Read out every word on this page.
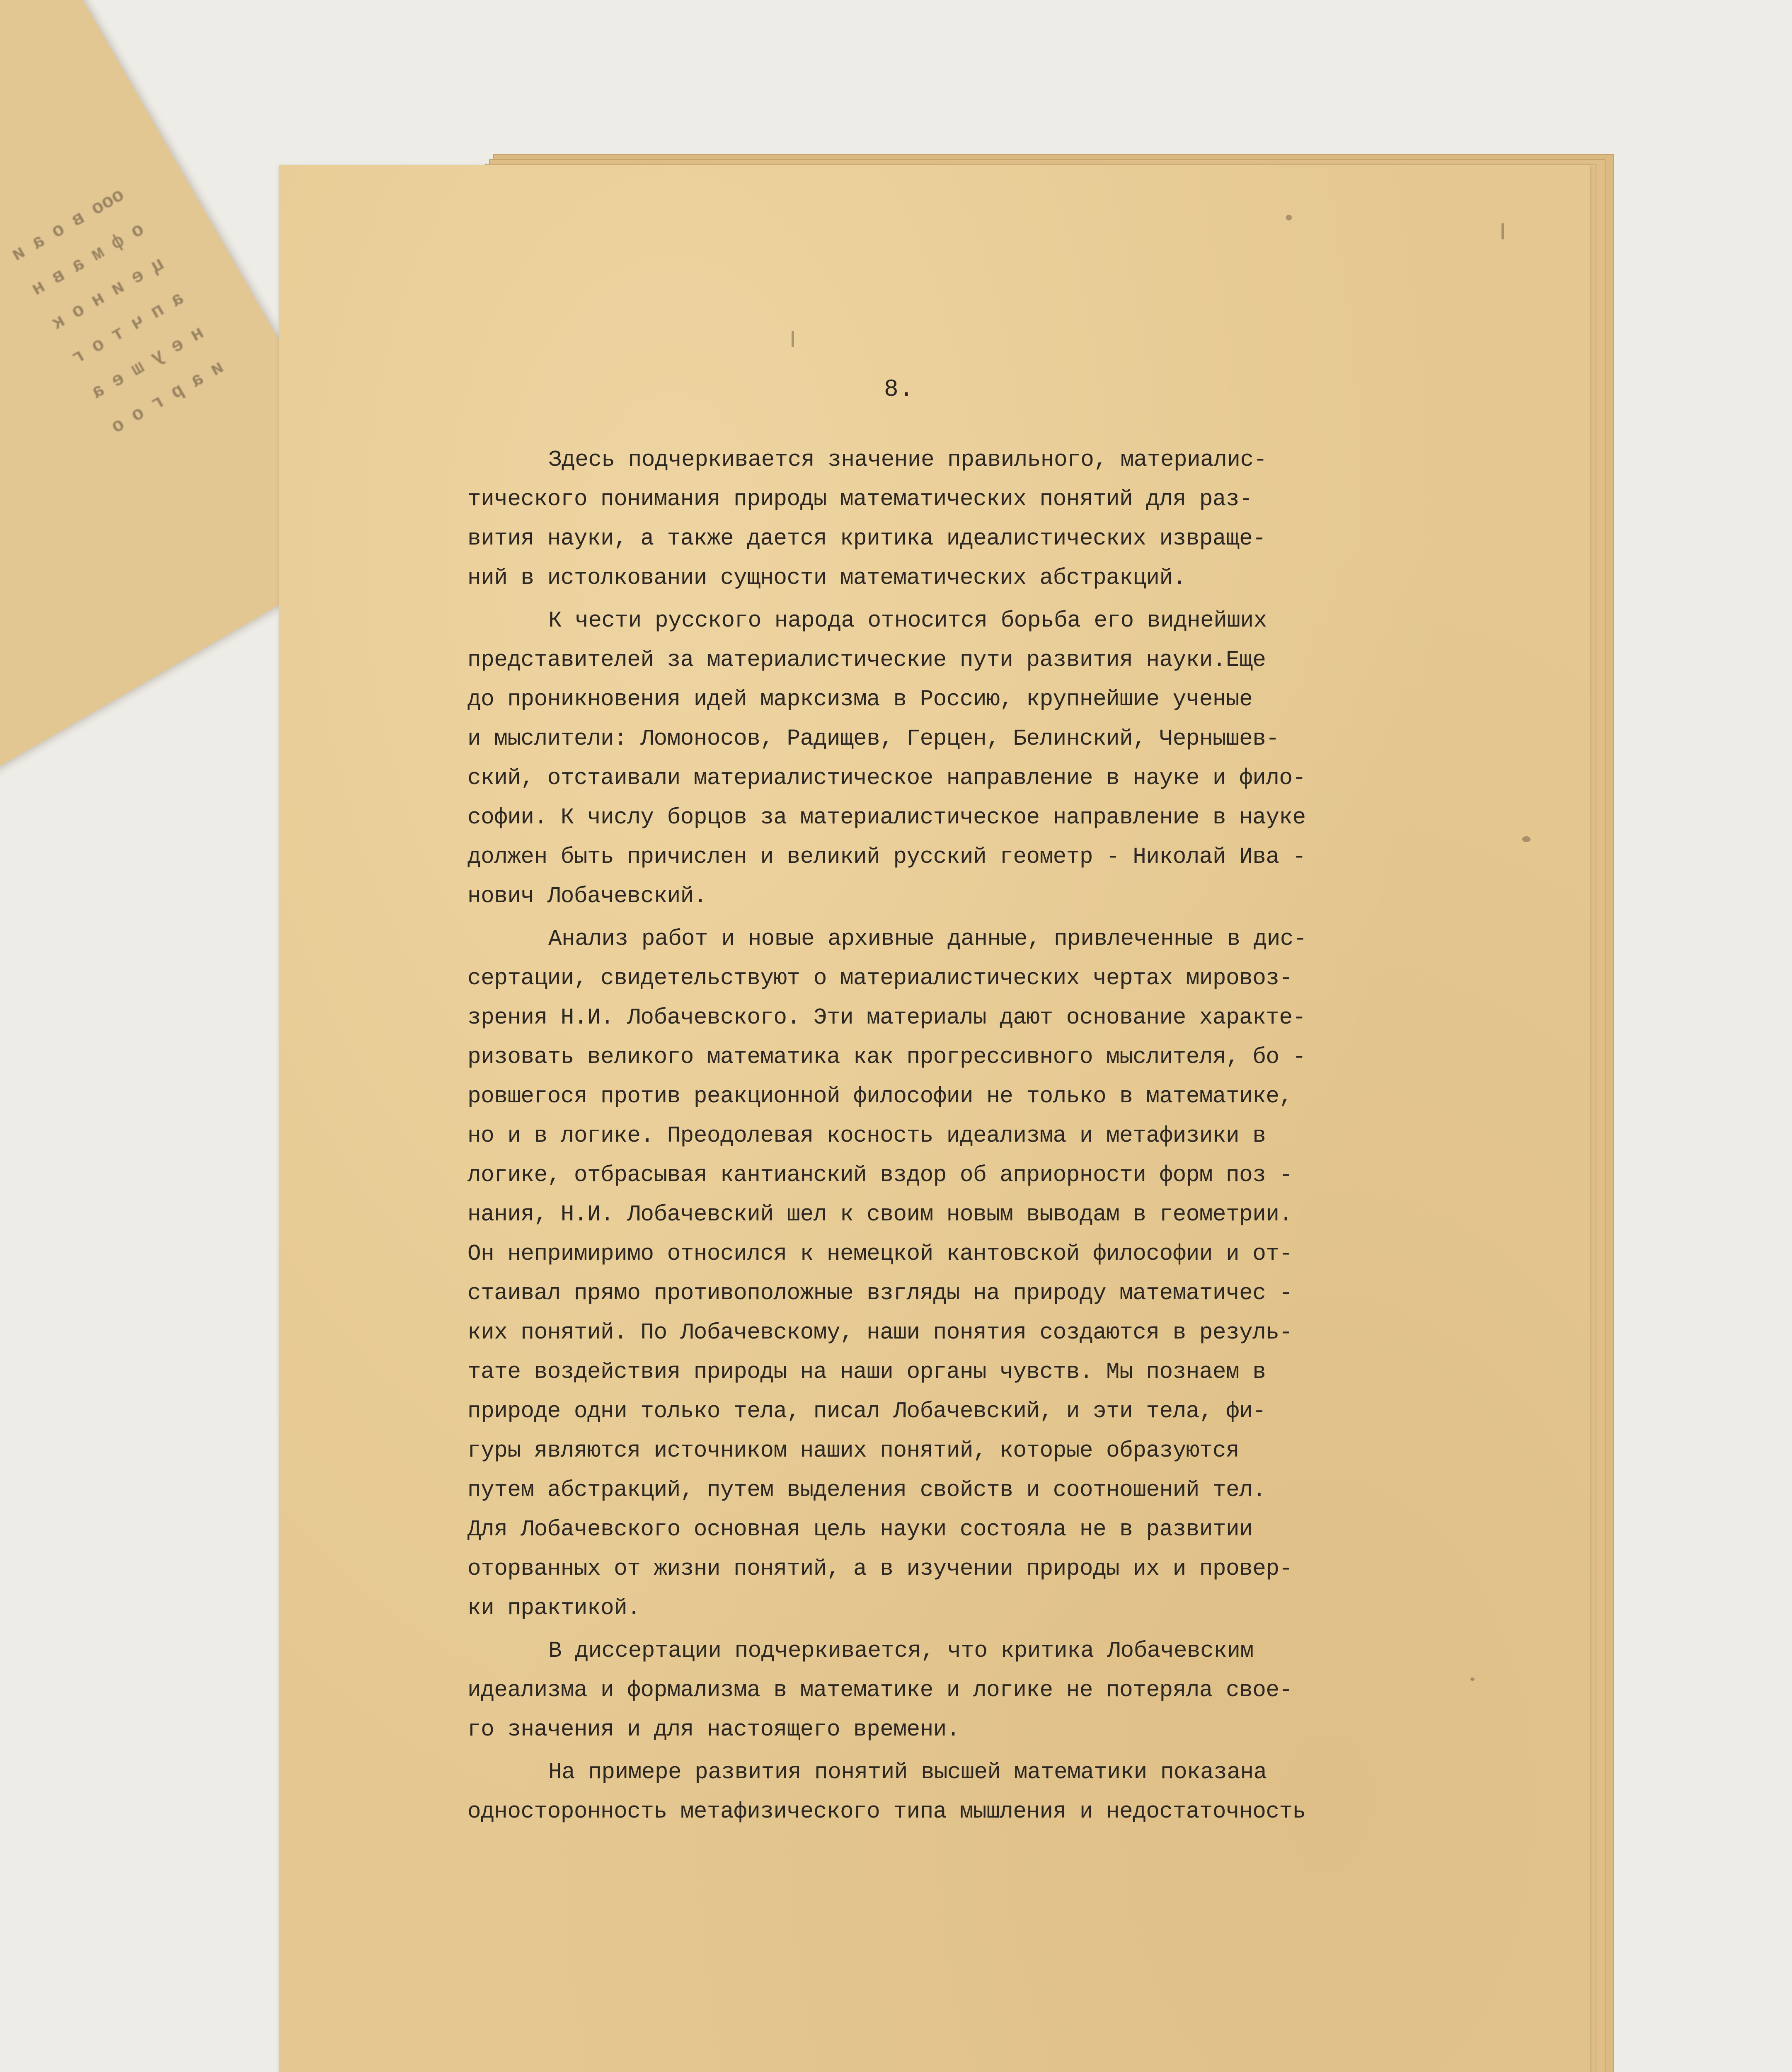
ооо в о а и
о ф м а в н
ц е и н о к
а п ч т о г
н е у ш е а
и а р г о о

8.
Здесь подчеркивается значение правильного, материалис-
тического понимания природы математических понятий для раз-
вития науки, а также дается критика идеалистических извраще-
ний в истолковании сущности математических абстракций.
К чести русского народа относится борьба его виднейших
представителей за материалистические пути развития науки.Еще
до проникновения идей марксизма в Россию, крупнейшие ученые
и мыслители: Ломоносов, Радищев, Герцен, Белинский, Чернышев-
ский, отстаивали материалистическое направление в науке и фило-
софии. К числу борцов за материалистическое направление в науке
должен быть причислен и великий русский геометр - Николай Ива -
нович Лобачевский.
Анализ работ и новые архивные данные, привлеченные в дис-
сертации, свидетельствуют о материалистических чертах мировоз-
зрения Н.И. Лобачевского. Эти материалы дают основание характе-
ризовать великого математика как прогрессивного мыслителя, бо -
ровшегося против реакционной философии не только в математике,
но и в логике. Преодолевая косность идеализма и метафизики в
логике, отбрасывая кантианский вздор об априорности форм поз -
нания, Н.И. Лобачевский шел к своим новым выводам в геометрии.
Он непримиримо относился к немецкой кантовской философии и от-
стаивал прямо противоположные взгляды на природу математичес -
ких понятий. По Лобачевскому, наши понятия создаются в резуль-
тате воздействия природы на наши органы чувств. Мы познаем в
природе одни только тела, писал Лобачевский, и эти тела, фи-
гуры являются источником наших понятий, которые образуются
путем абстракций, путем выделения свойств и соотношений тел.
Для Лобачевского основная цель науки состояла не в развитии
оторванных от жизни понятий, а в изучении природы их и провер-
ки практикой.
В диссертации подчеркивается, что критика Лобачевским
идеализма и формализма в математике и логике не потеряла свое-
го значения и для настоящего времени.
На примере развития понятий высшей математики показана
односторонность метафизического типа мышления и недостаточность
